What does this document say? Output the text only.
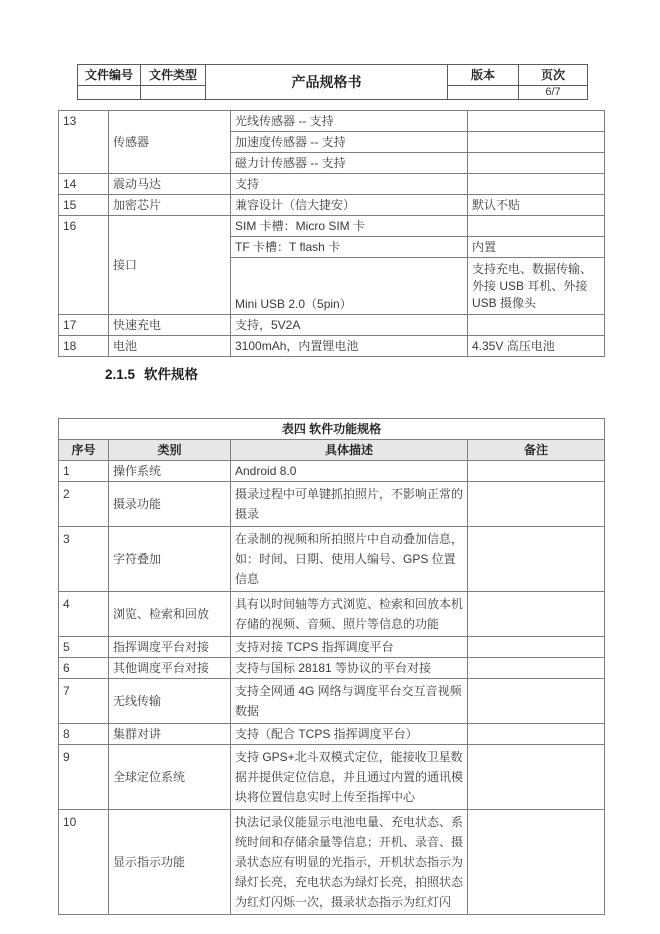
文件编号	文件类型	产品规格书	版本	页次
				6/7
13	传感器	光线传感器 -- 支持	
		加速度传感器 -- 支持	
		磁力计传感器 -- 支持	
14	震动马达	支持	
15	加密芯片	兼容设计（信大捷安）	默认不贴
16	接口	SIM 卡槽：Micro SIM 卡	
		TF 卡槽：T flash 卡	内置
		Mini USB 2.0（5pin）	支持充电、数据传输、外接 USB 耳机、外接 USB 摄像头
17	快速充电	支持，5V2A	
18	电池	3100mAh，内置锂电池	4.35V 高压电池
2.1.5 软件规格
表四 软件功能规格			
序号	类别	具体描述	备注
1	操作系统	Android 8.0	
2	摄录功能	摄录过程中可单键抓拍照片，不影响正常的摄录	
3	字符叠加	在录制的视频和所拍照片中自动叠加信息，如：时间、日期、使用人编号、GPS 位置信息	
4	浏览、检索和回放	具有以时间轴等方式浏览、检索和回放本机存储的视频、音频、照片等信息的功能	
5	指挥调度平台对接	支持对接 TCPS 指挥调度平台	
6	其他调度平台对接	支持与国标 28181 等协议的平台对接	
7	无线传输	支持全网通 4G 网络与调度平台交互音视频数据	
8	集群对讲	支持（配合 TCPS 指挥调度平台）	
9	全球定位系统	支持 GPS+北斗双模式定位，能接收卫星数据并提供定位信息，并且通过内置的通讯模块将位置信息实时上传至指挥中心	
10	显示指示功能	执法记录仪能显示电池电量、充电状态、系统时间和存储余量等信息；开机、录音、摄录状态应有明显的光指示，开机状态指示为绿灯长亮，充电状态为绿灯长亮，拍照状态为红灯闪烁一次，摄录状态指示为红灯闪	
